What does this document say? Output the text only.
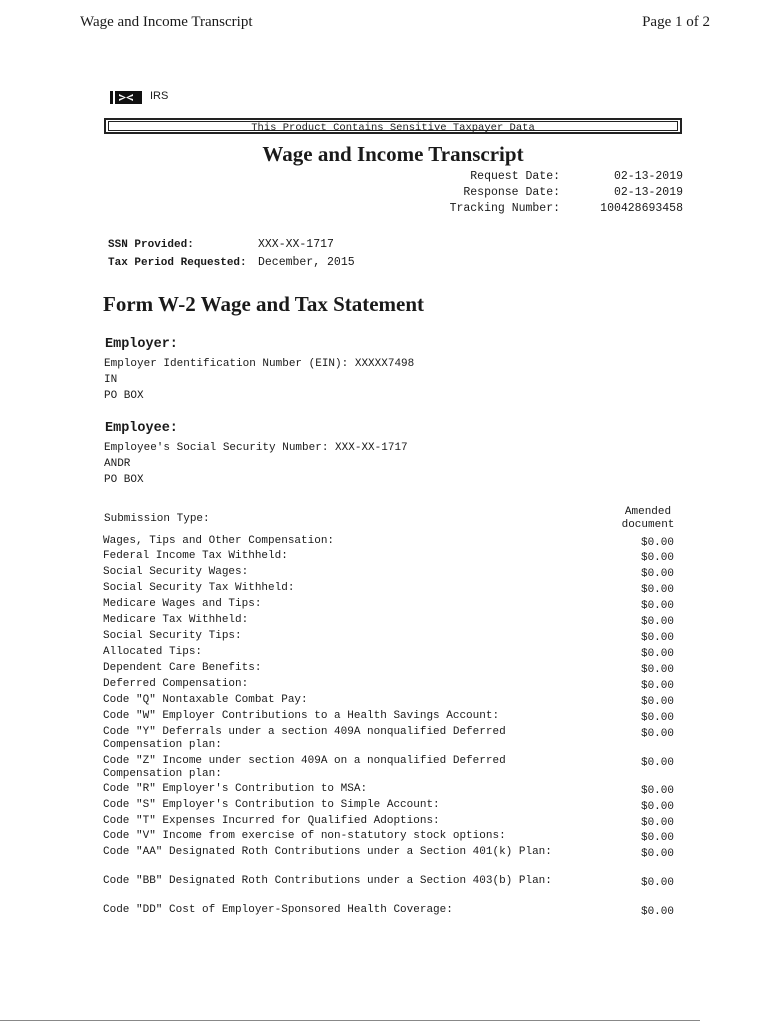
Wage and Income Transcript	Page 1 of 2
IRS
This Product Contains Sensitive Taxpayer Data
Wage and Income Transcript
Request Date:	02-13-2019
Response Date:	02-13-2019
Tracking Number:	100428693458
SSN Provided:	XXX-XX-1717
Tax Period Requested: December, 2015
Form W-2 Wage and Tax Statement
Employer:
Employer Identification Number (EIN): XXXXX7498
IN
PO BOX
Employee:
Employee's Social Security Number: XXX-XX-1717
ANDR
PO BOX
Submission Type:
Amended document
Wages, Tips and Other Compensation:	$0.00
Federal Income Tax Withheld:	$0.00
Social Security Wages:	$0.00
Social Security Tax Withheld:	$0.00
Medicare Wages and Tips:	$0.00
Medicare Tax Withheld:	$0.00
Social Security Tips:	$0.00
Allocated Tips:	$0.00
Dependent Care Benefits:	$0.00
Deferred Compensation:	$0.00
Code "Q" Nontaxable Combat Pay:	$0.00
Code "W" Employer Contributions to a Health Savings Account:	$0.00
Code "Y" Deferrals under a section 409A nonqualified Deferred Compensation plan:
$0.00
Code "Z" Income under section 409A on a nonqualified Deferred Compensation plan:
$0.00
Code "R" Employer's Contribution to MSA:	$0.00
Code "S" Employer's Contribution to Simple Account:	$0.00
Code "T" Expenses Incurred for Qualified Adoptions:	$0.00
Code "V" Income from exercise of non-statutory stock options:	$0.00
Code "AA" Designated Roth Contributions under a Section 401(k) Plan:	$0.00
Code "BB" Designated Roth Contributions under a Section 403(b) Plan:	$0.00
Code "DD" Cost of Employer-Sponsored Health Coverage:	$0.00
